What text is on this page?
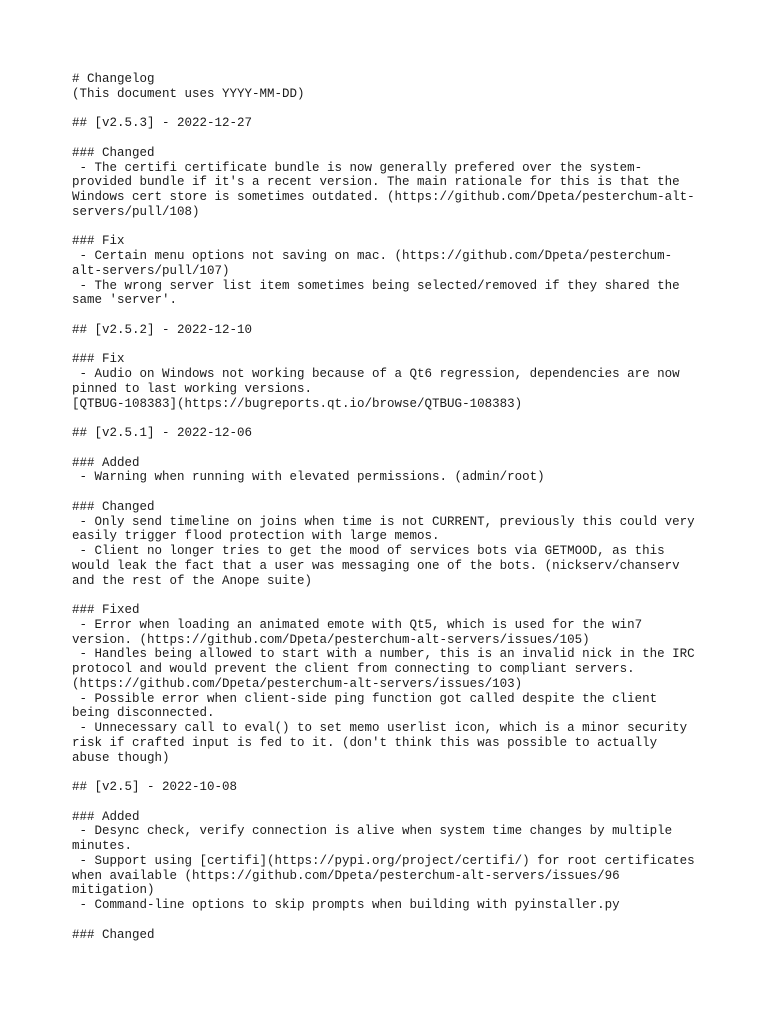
# Changelog
(This document uses YYYY-MM-DD)
## [v2.5.3] - 2022-12-27
### Changed
- The certifi certificate bundle is now generally prefered over the system-
provided bundle if it's a recent version. The main rationale for this is that the
Windows cert store is sometimes outdated. (https://github.com/Dpeta/pesterchum-alt-
servers/pull/108)
### Fix
- Certain menu options not saving on mac. (https://github.com/Dpeta/pesterchum-
alt-servers/pull/107)
- The wrong server list item sometimes being selected/removed if they shared the
same 'server'.
## [v2.5.2] - 2022-12-10
### Fix
- Audio on Windows not working because of a Qt6 regression, dependencies are now
pinned to last working versions.
[QTBUG-108383](https://bugreports.qt.io/browse/QTBUG-108383)
## [v2.5.1] - 2022-12-06
### Added
- Warning when running with elevated permissions. (admin/root)
### Changed
- Only send timeline on joins when time is not CURRENT, previously this could very
easily trigger flood protection with large memos.
- Client no longer tries to get the mood of services bots via GETMOOD, as this
would leak the fact that a user was messaging one of the bots. (nickserv/chanserv
and the rest of the Anope suite)
### Fixed
- Error when loading an animated emote with Qt5, which is used for the win7
version. (https://github.com/Dpeta/pesterchum-alt-servers/issues/105)
- Handles being allowed to start with a number, this is an invalid nick in the IRC
protocol and would prevent the client from connecting to compliant servers.
(https://github.com/Dpeta/pesterchum-alt-servers/issues/103)
- Possible error when client-side ping function got called despite the client
being disconnected.
- Unnecessary call to eval() to set memo userlist icon, which is a minor security
risk if crafted input is fed to it. (don't think this was possible to actually
abuse though)
## [v2.5] - 2022-10-08
### Added
- Desync check, verify connection is alive when system time changes by multiple
minutes.
- Support using [certifi](https://pypi.org/project/certifi/) for root certificates
when available (https://github.com/Dpeta/pesterchum-alt-servers/issues/96
mitigation)
- Command-line options to skip prompts when building with pyinstaller.py
### Changed
